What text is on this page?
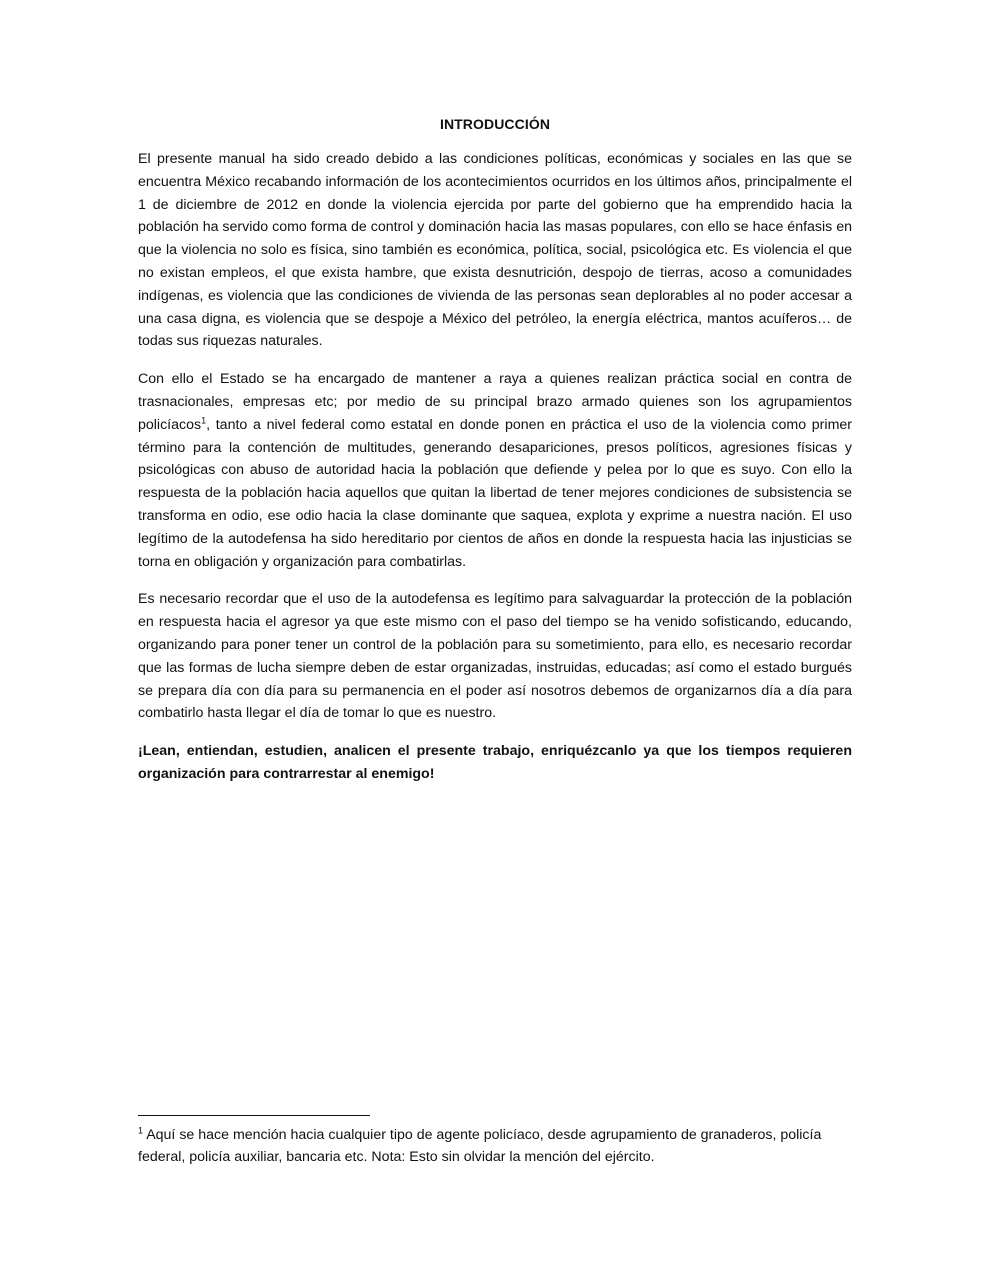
INTRODUCCIÓN

El presente manual ha sido creado debido a las condiciones políticas, económicas y sociales en las que se encuentra México recabando información de los acontecimientos ocurridos en los últimos años, principalmente el 1 de diciembre de 2012 en donde la violencia ejercida por parte del gobierno que ha emprendido hacia la población ha servido como forma de control y dominación hacia las masas populares, con ello se hace énfasis en que la violencia no solo es física, sino también es económica, política, social, psicológica etc. Es violencia el que no existan empleos, el que exista hambre, que exista desnutrición, despojo de tierras, acoso a comunidades indígenas, es violencia que las condiciones de vivienda de las personas sean deplorables al no poder accesar a una casa digna, es violencia que se despoje a México del petróleo, la energía eléctrica, mantos acuíferos… de todas sus riquezas naturales.

Con ello el Estado se ha encargado de mantener a raya a quienes realizan práctica social en contra de trasnacionales, empresas etc; por medio de su principal brazo armado quienes son los agrupamientos policíacos$^1$, tanto a nivel federal como estatal en donde ponen en práctica el uso de la violencia como primer término para la contención de multitudes, generando desapariciones, presos políticos, agresiones físicas y psicológicas con abuso de autoridad hacia la población que defiende y pelea por lo que es suyo. Con ello la respuesta de la población hacia aquellos que quitan la libertad de tener mejores condiciones de subsistencia se transforma en odio, ese odio hacia la clase dominante que saquea, explota y exprime a nuestra nación. El uso legítimo de la autodefensa ha sido hereditario por cientos de años en donde la respuesta hacia las injusticias se torna en obligación y organización para combatirlas.

Es necesario recordar que el uso de la autodefensa es legítimo para salvaguardar la protección de la población en respuesta hacia el agresor ya que este mismo con el paso del tiempo se ha venido sofisticando, educando, organizando para poner tener un control de la población para su sometimiento, para ello, es necesario recordar que las formas de lucha siempre deben de estar organizadas, instruidas, educadas; así como el estado burgués se prepara día con día para su permanencia en el poder así nosotros debemos de organizarnos día a día para combatirlo hasta llegar el día de tomar lo que es nuestro.

¡Lean, entiendan, estudien, analicen el presente trabajo, enriquézcanlo ya que los tiempos requieren organización para contrarrestar al enemigo!

$^1$ Aquí se hace mención hacia cualquier tipo de agente policíaco, desde agrupamiento de granaderos, policía federal, policía auxiliar, bancaria etc. Nota: Esto sin olvidar la mención del ejército.
